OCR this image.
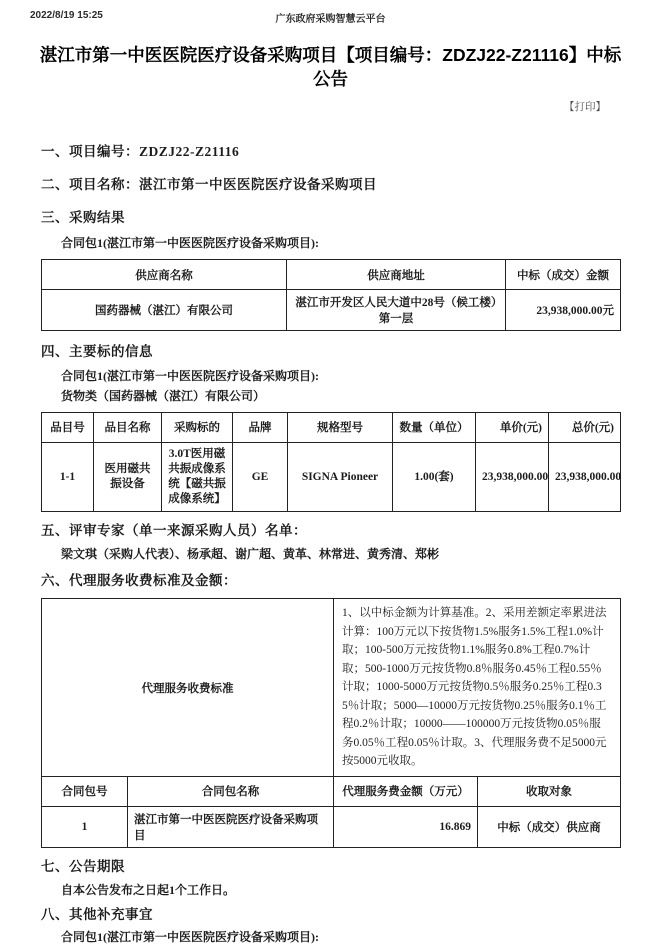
2022/8/19 15:25	广东政府采购智慧云平台
湛江市第一中医医院医疗设备采购项目【项目编号：ZDZJ22-Z21116】中标公告
【打印】
一、项目编号：ZDZJ22-Z21116
二、项目名称：湛江市第一中医医院医疗设备采购项目
三、采购结果

合同包1(湛江市第一中医医院医疗设备采购项目):

供应商名称	供应商地址	中标（成交）金额
国药器械（湛江）有限公司	湛江市开发区人民大道中28号（候工楼）第一层	23,938,000.00元
四、主要标的信息

合同包1(湛江市第一中医医院医疗设备采购项目):

货物类（国药器械（湛江）有限公司）

品目号	品目名称	采购标的	品牌	规格型号	数量（单位）	单价(元)	总价(元)
1-1	医用磁共振设备	3.0T医用磁共振成像系统【磁共振成像系统】	GE	SIGNA Pioneer	1.00(套)	23,938,000.00	23,938,000.00
五、评审专家（单一来源采购人员）名单：

梁文琪（采购人代表）、杨承超、谢广超、黄革、林常进、黄秀清、郑彬

六、代理服务收费标准及金额：
代理服务收费标准		1、以中标金额为计算基准。2、采用差额定率累进法计算：100万元以下按货物1.5%服务1.5%工程1.0%计取；100-500万元按货物1.1%服务0.8%工程0.7%计取；500-1000万元按货物0.8％服务0.45％工程0.55％计取；1000-5000万元按货物0.5％服务0.25％工程0.35％计取；5000—10000万元按货物0.25％服务0.1％工程0.2％计取；10000——100000万元按货物0.05％服务0.05％工程0.05％计取。3、代理服务费不足5000元按5000元收取。	
合同包号	合同包名称	代理服务费金额（万元）	收取对象
1	湛江市第一中医医院医疗设备采购项目	16.869	中标（成交）供应商
七、公告期限

自本公告发布之日起1个工作日。

八、其他补充事宜

合同包1(湛江市第一中医医院医疗设备采购项目):
